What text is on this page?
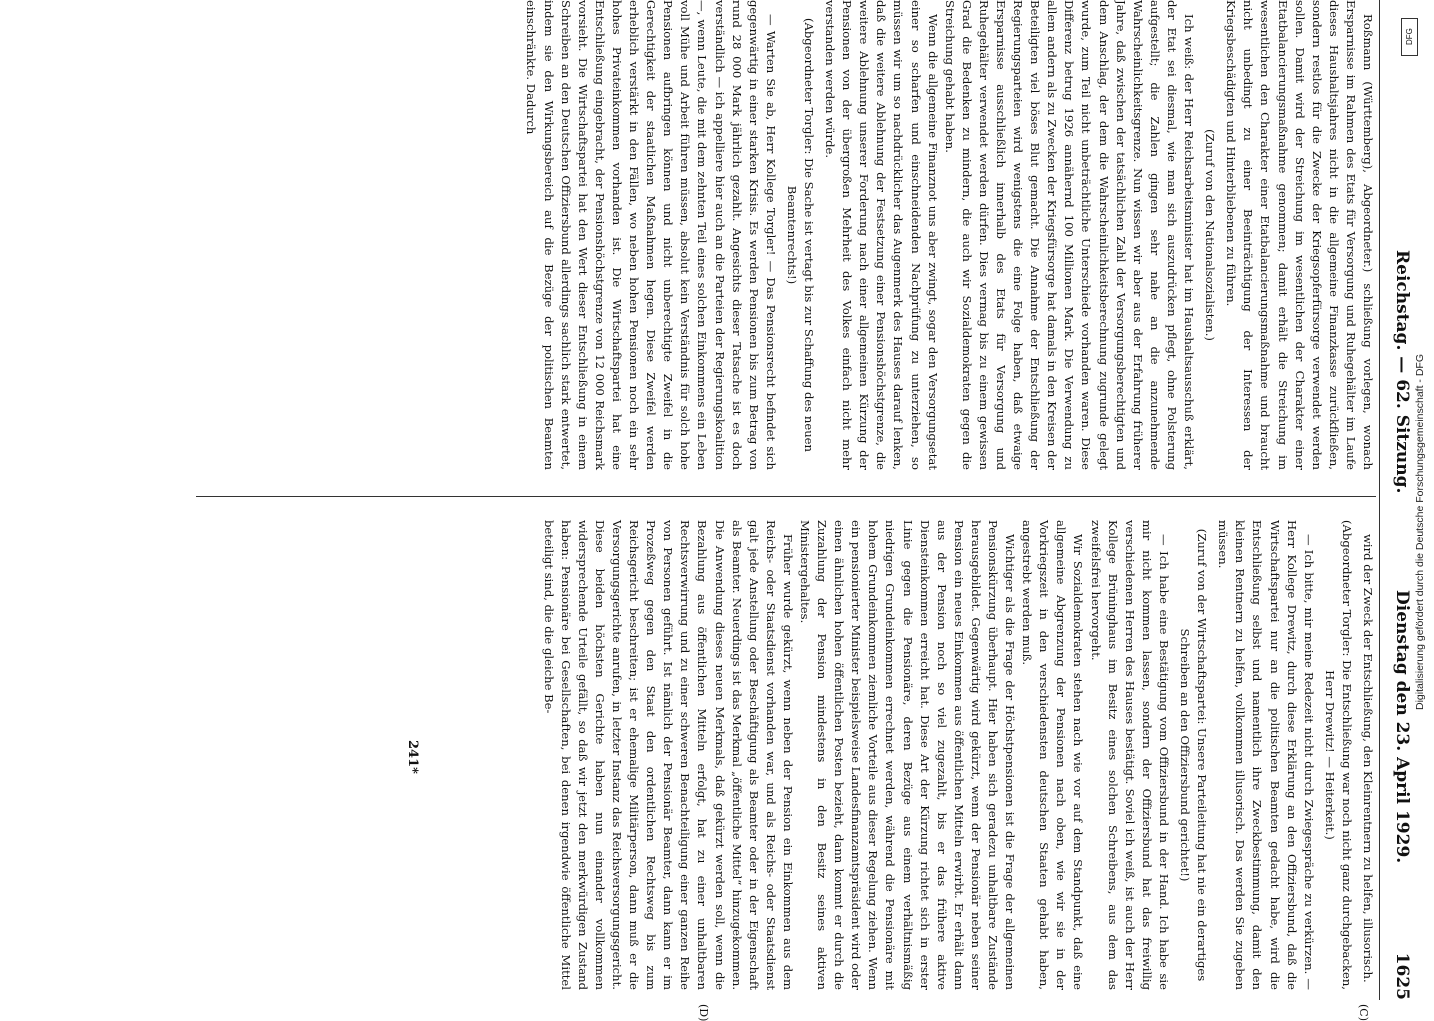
Reichstag. — 62. Sitzung.
Dienstag den 23. April 1929.
1625
(C)
(D)

Roßmann (Württemberg), Abgeordneter.) schließung vorlegen, wonach Ersparnisse im Rahmen des Etats für Versorgung und Ruhegehälter im Laufe dieses Haushaltsjahres nicht in die allgemeine Finanzkasse zurückfließen, sondern restlos für die Zwecke der Kriegsopferfürsorge verwendet werden sollen. Damit wird der Streichung im wesentlichen der Charakter einer Etatbalancierungsmaßnahme genommen; damit erhält die Streichung im wesentlichen den Charakter einer Etatbalancierungsmaßnahme und braucht nicht unbedingt zu einer Beeinträchtigung der Interessen der Kriegsbeschädigten und Hinterbliebenen zu führen.

(Zuruf von den Nationalsozialisten.)

Ich weiß: der Herr Reichsarbeitsminister hat im Haushaltsausschuß erklärt, der Etat sei diesmal, wie man sich auszudrücken pflegt, ohne Polsterung aufgestellt; die Zahlen gingen sehr nahe an die anzunehmende Wahrscheinlichkeitsgrenze. Nun wissen wir aber aus der Erfahrung früherer Jahre, daß zwischen der tatsächlichen Zahl der Versorgungsberechtigten und dem Anschlag, der dem die Wahrscheinlichkeitsberechnung zugrunde gelegt wurde, zum Teil nicht unbeträchtliche Unterschiede vorhanden waren. Diese Differenz betrug 1926 annähernd 100 Millionen Mark. Die Verwendung zu allem andern als zu Zwecken der Kriegsfürsorge hat damals in den Kreisen der Beteiligten viel böses Blut gemacht. Die Annahme der Entschließung der Regierungsparteien wird wenigstens die eine Folge haben, daß etwaige Ersparnisse ausschließlich innerhalb des Etats für Versorgung und Ruhegehälter verwendet werden dürfen. Dies vermag bis zu einem gewissen Grad die Bedenken zu mindern, die auch wir Sozialdemokraten gegen die Streichung gehabt haben.

Wenn die allgemeine Finanznot uns aber zwingt, sogar den Versorgungsetat einer so scharfen und einschneidenden Nachprüfung zu unterziehen, so müssen wir um so nachdrücklicher das Augenmerk des Hauses darauf lenken, daß die weitere Ablehnung der Festsetzung einer Pensionshöchstgrenze, die weitere Ablehnung unserer Forderung nach einer allgemeinen Kürzung der Pensionen von der übergroßen Mehrheit des Volkes einfach nicht mehr verstanden werden würde.

(Abgeordneter Torgler: Die Sache ist vertagt bis zur Schaffung des neuen Beamtenrechts!)

— Warten Sie ab, Herr Kollege Torgler! — Das Pensionsrecht befindet sich gegenwärtig in einer starken Krisis. Es werden Pensionen bis zum Betrag von rund 28 000 Mark jährlich gezahlt. Angesichts dieser Tatsache ist es doch verständlich — ich appelliere hier auch an die Parteien der Regierungskoalition —, wenn Leute, die mit dem zehnten Teil eines solchen Einkommens ein Leben voll Mühe und Arbeit führen müssen, absolut kein Verständnis für solch hohe Pensionen aufbringen können und nicht unberechtigte Zweifel in die Gerechtigkeit der staatlichen Maßnahmen hegen. Diese Zweifel werden erheblich verstärkt in den Fällen, wo neben hohen Pensionen noch ein sehr hohes Privateinkommen vorhanden ist. Die Wirtschaftspartei hat eine Entschließung eingebracht, der Pensionshöchstgrenze von 12 000 Reichsmark vorsieht. Die Wirtschaftspartei hat den Wert dieser Entschließung in einem Schreiben an den Deutschen Offiziersbund allerdings sachlich stark entwertet, indem sie den Wirkungsbereich auf die Bezüge der politischen Beamten einschränkte. Dadurch

wird der Zweck der Entschließung, den Kleinrentnern zu helfen, illusorisch.

(Abgeordneter Torgler: Die Entschließung war noch nicht ganz durchgebacken, Herr Drewitz! — Heiterkeit.)

— Ich bitte, mir meine Redezeit nicht durch Zwiegespräche zu verkürzen. — Herr Kollege Drewitz, durch diese Erklärung an den Offiziersbund, daß die Wirtschaftspartei nur an die politischen Beamten gedacht habe, wird die Entschließung selbst und namentlich ihre Zweckbestimmung, damit den kleinen Rentnern zu helfen, vollkommen illusorisch. Das werden Sie zugeben müssen.

(Zuruf von der Wirtschaftspartei: Unsere Parteileitung hat nie ein derartiges Schreiben an den Offiziersbund gerichtet!)

— Ich habe eine Bestätigung vom Offiziersbund in der Hand. Ich habe sie mir nicht kommen lassen, sondern der Offiziersbund hat das freiwillig verschiedenen Herren des Hauses bestätigt. Soviel ich weiß, ist auch der Herr Kollege Brüninghaus im Besitz eines solchen Schreibens, aus dem das zweifelsfrei hervorgeht.

Wir Sozialdemokraten stehen nach wie vor auf dem Standpunkt, daß eine allgemeine Abgrenzung der Pensionen nach oben, wie wir sie in der Vorkriegszeit in den verschiedensten deutschen Staaten gehabt haben, angestrebt werden muß.

Wichtiger als die Frage der Höchstpensionen ist die Frage der allgemeinen Pensionskürzung überhaupt. Hier haben sich geradezu unhaltbare Zustände herausgebildet. Gegenwärtig wird gekürzt, wenn der Pensionär neben seiner Pension ein neues Einkommen aus öffentlichen Mitteln erwirbt. Er erhält dann aus der Pension noch so viel zugezahlt, bis er das frühere aktive Diensteinkommen erreicht hat. Diese Art der Kürzung richtet sich in erster Linie gegen die Pensionäre, deren Bezüge aus einem verhältnismäßig niedrigen Grundeinkommen errechnet werden, während die Pensionäre mit hohem Grundeinkommen ziemliche Vorteile aus dieser Regelung ziehen. Wenn ein pensionierter Minister beispielsweise Landesfinanzamtspräsident wird oder einen ähnlichen hohen öffentlichen Posten bezieht, dann kommt er durch die Zuzahlung der Pension mindestens in den Besitz seines aktiven Ministergehaltes.

Früher wurde gekürzt, wenn neben der Pension ein Einkommen aus dem Reichs- oder Staatsdienst vorhanden war, und als Reichs- oder Staatsdienst galt jede Anstellung oder Beschäftigung als Beamter oder in der Eigenschaft als Beamter. Neuerdings ist das Merkmal „öffentliche Mittel“ hinzugekommen. Die Anwendung dieses neuen Merkmals, daß gekürzt werden soll, wenn die Bezahlung aus öffentlichen Mitteln erfolgt, hat zu einer unhaltbaren Rechtsverwirrung und zu einer schweren Benachteiligung einer ganzen Reihe von Personen geführt. Ist nämlich der Pensionär Beamter, dann kann er im Prozeßweg gegen den Staat den ordentlichen Rechtsweg bis zum Reichsgericht beschreiten; ist er ehemalige Militärperson, dann muß er die Versorgungsgerichte anrufen, in letzter Instanz das Reichsversorgungsgericht. Diese beiden höchsten Gerichte haben nun einander vollkommen widersprechende Urteile gefällt, so daß wir jetzt den merkwürdigen Zustand haben: Pensionäre bei Gesellschaften, bei denen irgendwie öffentliche Mittel beteiligt sind, die die gleiche Be-

241*
DFG
Digitalisierung gefördert durch die Deutsche Forschungsgemeinschaft - DFG
